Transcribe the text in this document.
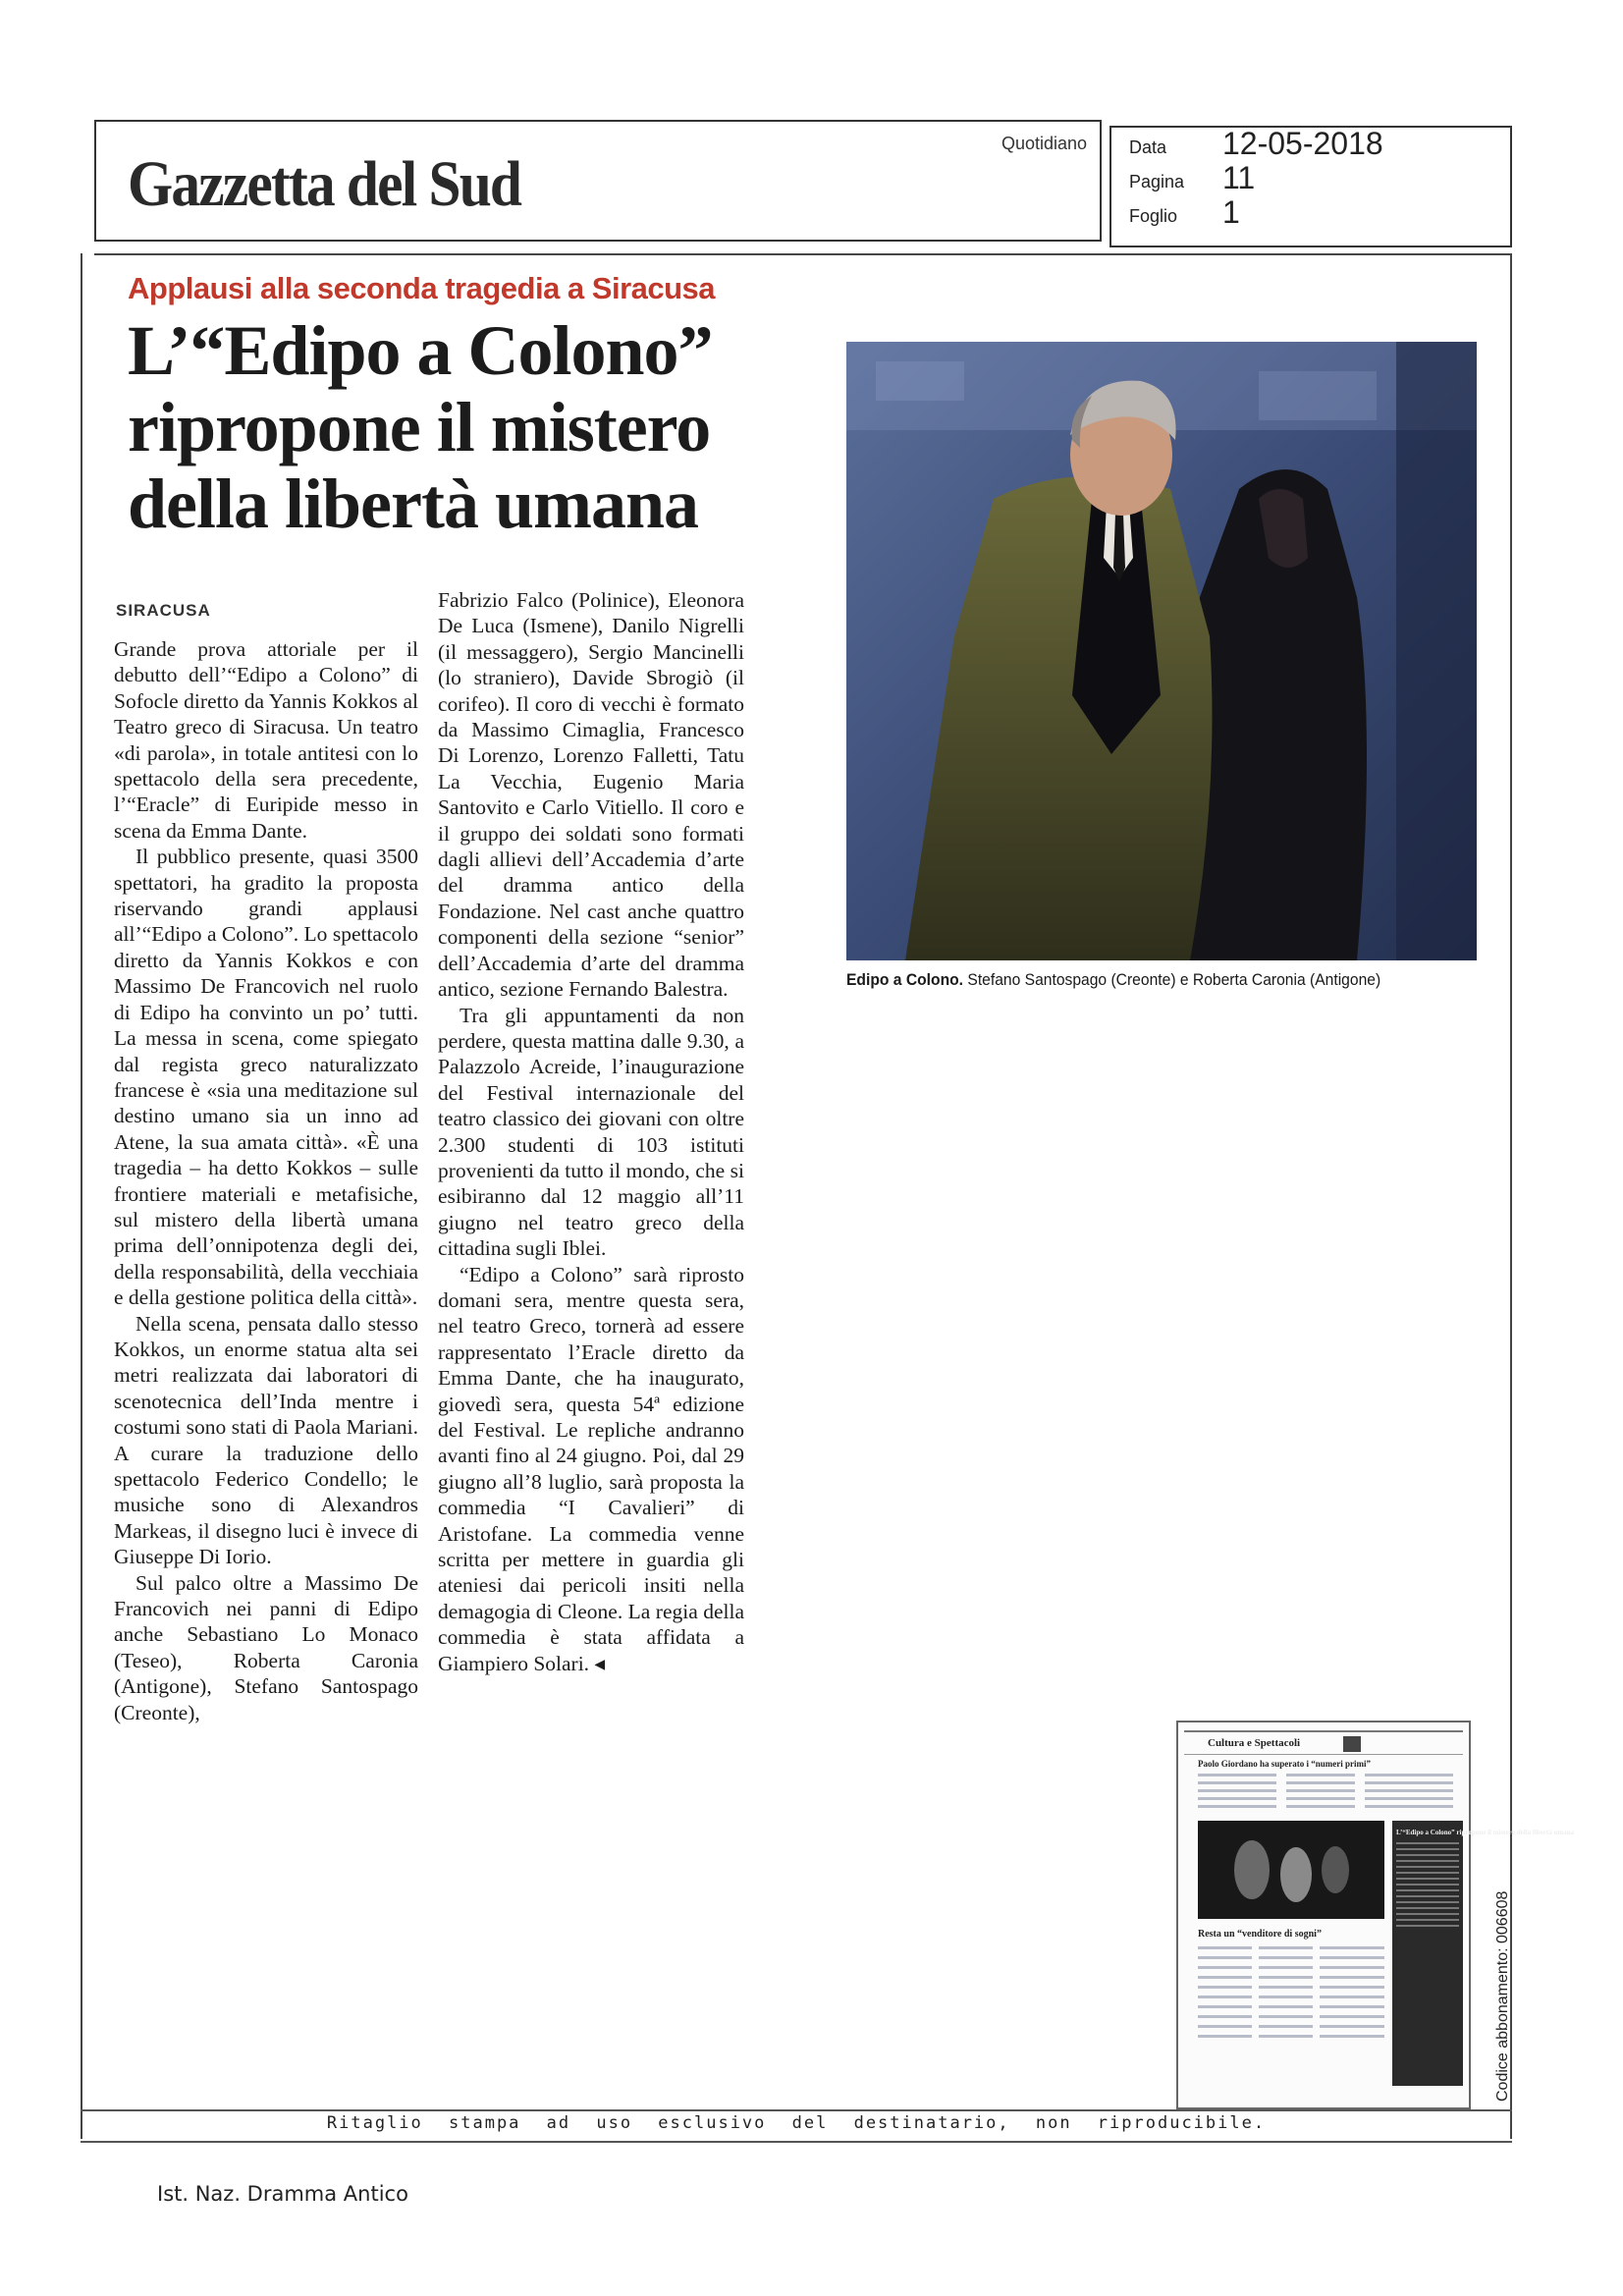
Gazzetta del Sud
Quotidiano Data 12-05-2018
Pagina 11
Foglio 1
Applausi alla seconda tragedia a Siracusa
L’“Edipo a Colono”
ripropone il mistero
della libertà umana
SIRACUSA

Grande prova attoriale per il debutto dell’“Edipo a Colono” di Sofocle diretto da Yannis Kokkos al Teatro greco di Siracusa. Un teatro «di parola», in totale antitesi con lo spettacolo della sera precedente, l’“Eracle” di Euripide messo in scena da Emma Dante.

Il pubblico presente, quasi 3500 spettatori, ha gradito la proposta riservando grandi applausi all’“Edipo a Colono”. Lo spettacolo diretto da Yannis Kokkos e con Massimo De Francovich nel ruolo di Edipo ha convinto un po’ tutti. La messa in scena, come spiegato dal regista greco naturalizzato francese è «sia una meditazione sul destino umano sia un inno ad Atene, la sua amata città». «È una tragedia – ha detto Kokkos – sulle frontiere materiali e metafisiche, sul mistero della libertà umana prima dell’onnipotenza degli dei, della responsabilità, della vecchiaia e della gestione politica della città».

Nella scena, pensata dallo stesso Kokkos, un enorme statua alta sei metri realizzata dai laboratori di scenotecnica dell’Inda mentre i costumi sono stati di Paola Mariani. A curare la traduzione dello spettacolo Federico Condello; le musiche sono di Alexandros Markeas, il disegno luci è invece di Giuseppe Di Iorio.

Sul palco oltre a Massimo De Francovich nei panni di Edipo anche Sebastiano Lo Monaco (Teseo), Roberta Caronia (Antigone), Stefano Santospago (Creonte),

Fabrizio Falco (Polinice), Eleonora De Luca (Ismene), Danilo Nigrelli (il messaggero), Sergio Mancinelli (lo straniero), Davide Sbrogiò (il corifeo). Il coro di vecchi è formato da Massimo Cimaglia, Francesco Di Lorenzo, Lorenzo Falletti, Tatu La Vecchia, Eugenio Maria Santovito e Carlo Vitiello. Il coro e il gruppo dei soldati sono formati dagli allievi dell’Accademia d’arte del dramma antico della Fondazione. Nel cast anche quattro componenti della sezione “senior” dell’Accademia d’arte del dramma antico, sezione Fernando Balestra.

Tra gli appuntamenti da non perdere, questa mattina dalle 9.30, a Palazzolo Acreide, l’inaugurazione del Festival internazionale del teatro classico dei giovani con oltre 2.300 studenti di 103 istituti provenienti da tutto il mondo, che si esibiranno dal 12 maggio all’11 giugno nel teatro greco della cittadina sugli Iblei.

“Edipo a Colono” sarà riprosto domani sera, mentre questa sera, nel teatro Greco, tornerà ad essere rappresentato l’Eracle diretto da Emma Dante, che ha inaugurato, giovedì sera, questa 54ª edizione del Festival. Le repliche andranno avanti fino al 24 giugno. Poi, dal 29 giugno all’8 luglio, sarà proposta la commedia “I Cavalieri” di Aristofane. La commedia venne scritta per mettere in guardia gli ateniesi dai pericoli insiti nella demagogia di Cleone. La regia della commedia è stata affidata a Giampiero Solari. ◂

Edipo a Colono. Stefano Santospago (Creonte) e Roberta Caronia (Antigone)
Cultura e Spettacoli
Paolo Giordano ha superato i “numeri primi”
L’“Edipo a Colono” ripropone il mistero della libertà umana
Resta un “venditore di sogni”
Ritaglio stampa ad uso esclusivo del destinatario, non riproducibile.
Codice abbonamento: 006608
Ist. Naz. Dramma Antico
